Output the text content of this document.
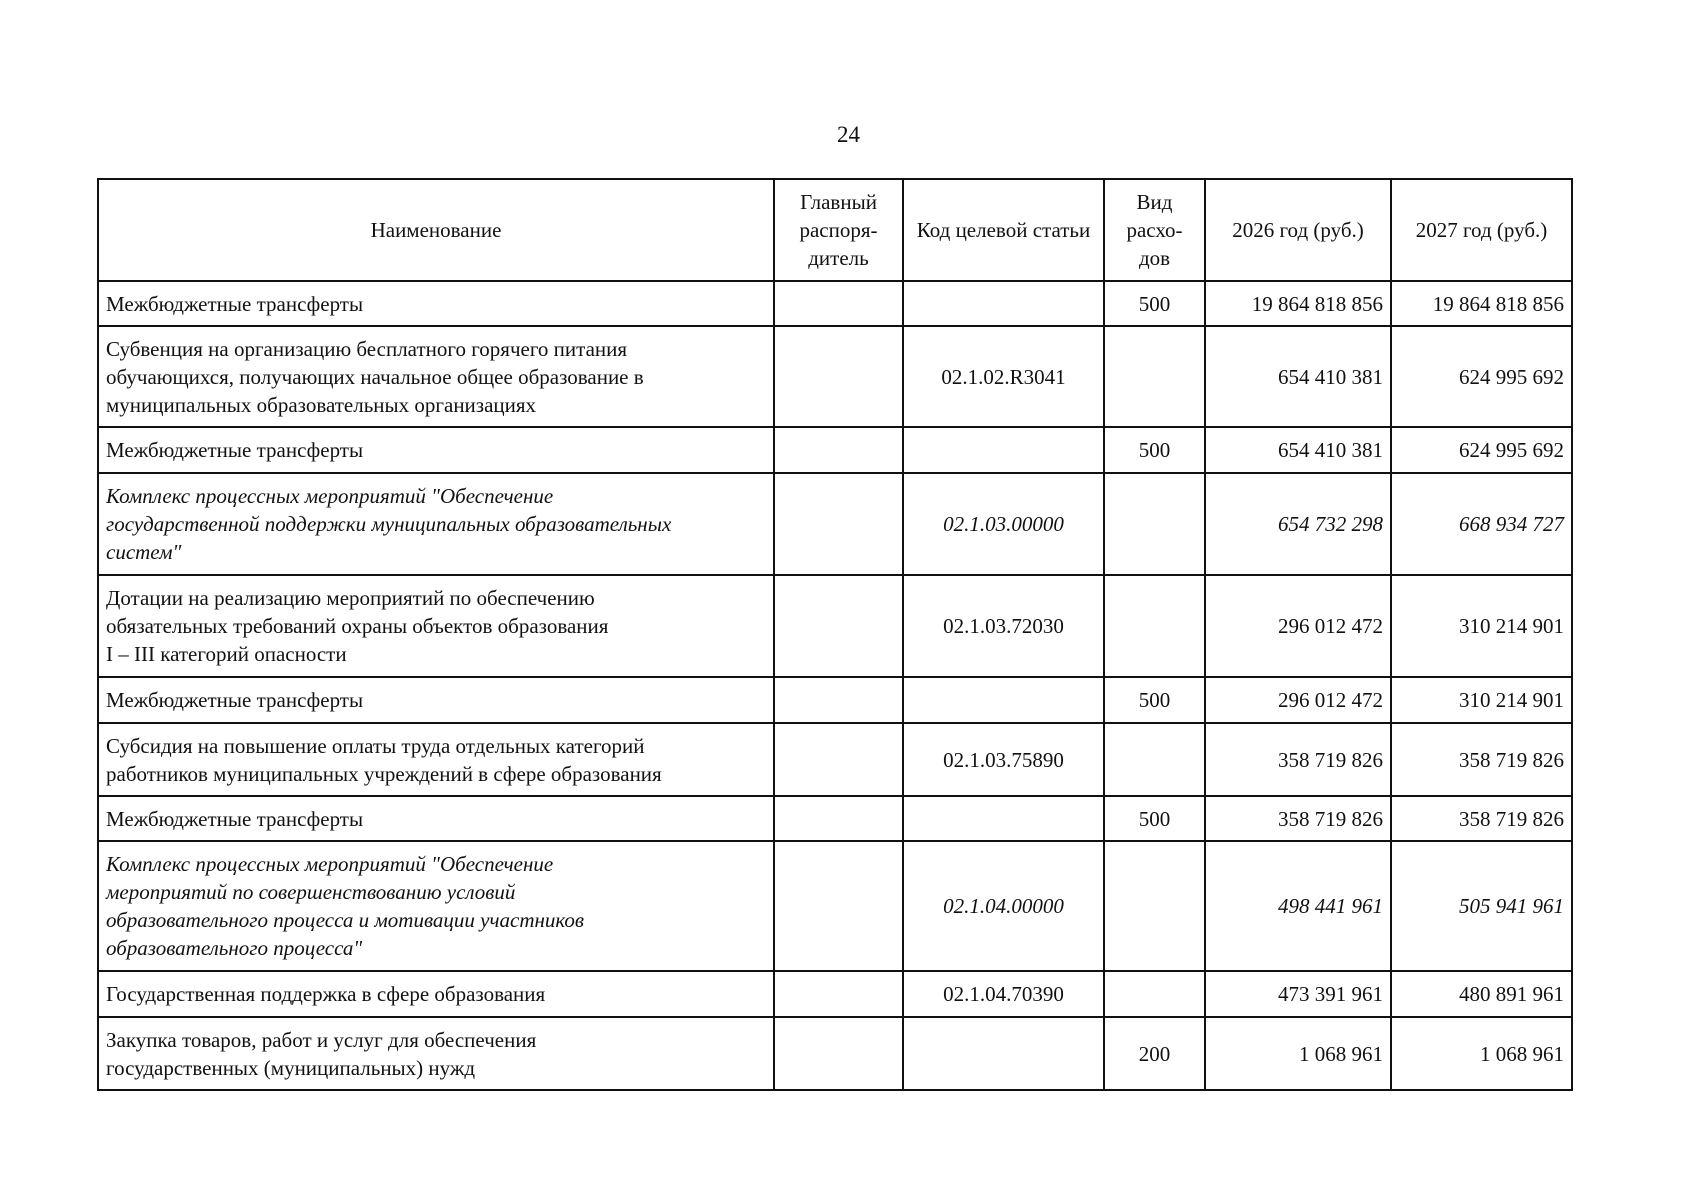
24
Наименование	Главный распоря- дитель	Код целевой статьи	Вид расхо- дов	2026 год (руб.)	2027 год (руб.)

Межбюджетные трансферты			500	19 864 818 856	19 864 818 856

Субвенция на организацию бесплатного горячего питания
обучающихся, получающих начальное общее образование в
муниципальных образовательных организациях		02.1.02.R3041		654 410 381	624 995 692

Межбюджетные трансферты			500	654 410 381	624 995 692

Комплекс процессных мероприятий "Обеспечение
государственной поддержки муниципальных образовательных
систем"		02.1.03.00000		654 732 298	668 934 727

Дотации на реализацию мероприятий по обеспечению
обязательных требований охраны объектов образования
I – III категорий опасности		02.1.03.72030		296 012 472	310 214 901

Межбюджетные трансферты			500	296 012 472	310 214 901

Субсидия на повышение оплаты труда отдельных категорий
работников муниципальных учреждений в сфере образования		02.1.03.75890		358 719 826	358 719 826

Межбюджетные трансферты			500	358 719 826	358 719 826

Комплекс процессных мероприятий "Обеспечение
мероприятий по совершенствованию условий
образовательного процесса и мотивации участников
образовательного процесса"		02.1.04.00000		498 441 961	505 941 961

Государственная поддержка в сфере образования		02.1.04.70390		473 391 961	480 891 961

Закупка товаров, работ и услуг для обеспечения
государственных (муниципальных) нужд			200	1 068 961	1 068 961
